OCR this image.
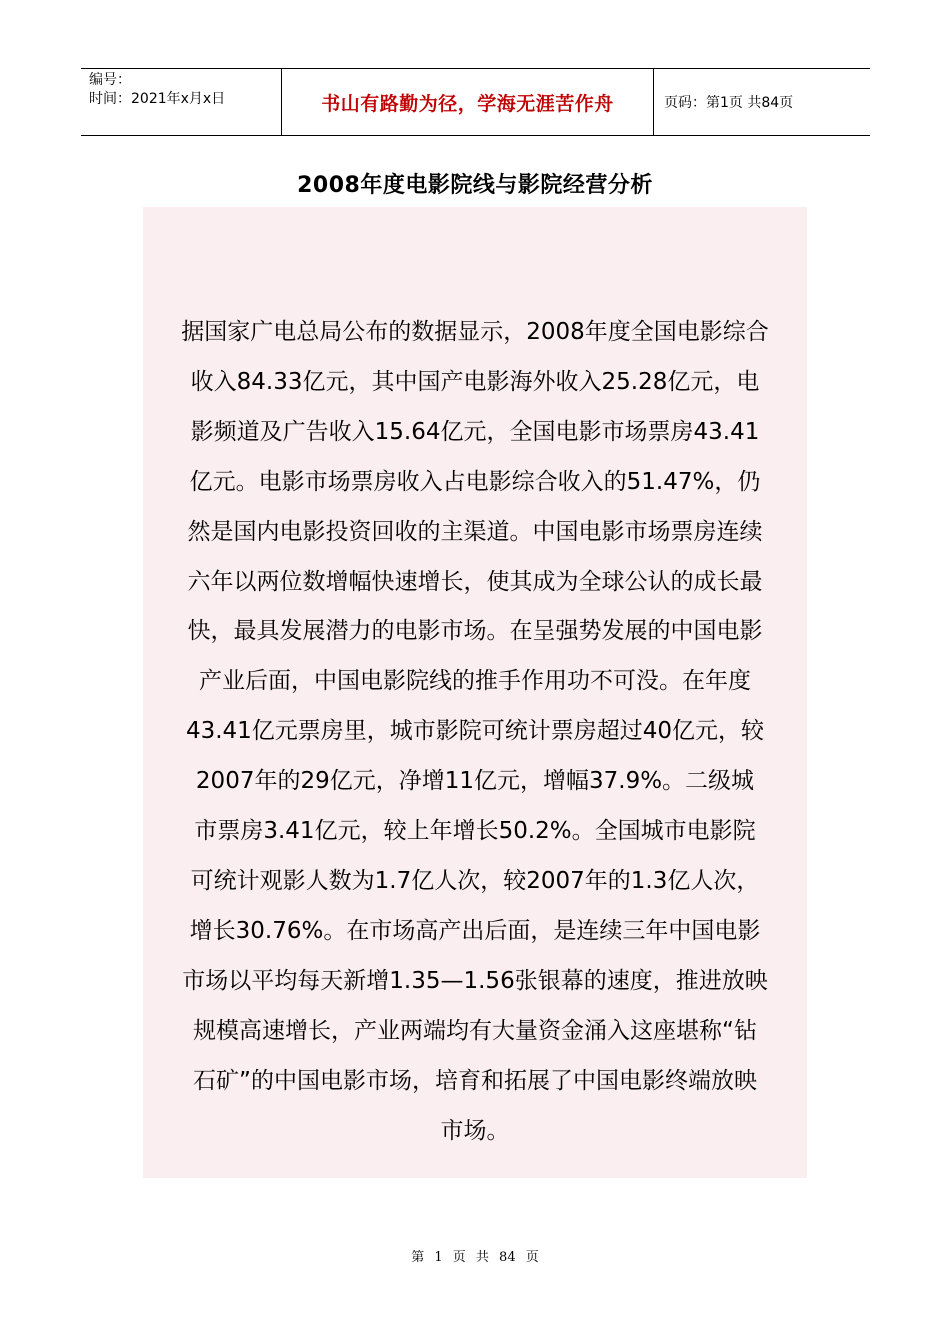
编号：
时间：2021年x月x日	书山有路勤为径，学海无涯苦作舟	页码：第1页 共84页
2008年度电影院线与影院经营分析

据国家广电总局公布的数据显示，2008年度全国电影综合
收入84.33亿元，其中国产电影海外收入25.28亿元，电
影频道及广告收入15.64亿元，全国电影市场票房43.41
亿元。电影市场票房收入占电影综合收入的51.47%，仍
然是国内电影投资回收的主渠道。中国电影市场票房连续
六年以两位数增幅快速增长，使其成为全球公认的成长最
快，最具发展潜力的电影市场。在呈强势发展的中国电影
产业后面，中国电影院线的推手作用功不可没。在年度
43.41亿元票房里，城市影院可统计票房超过40亿元，较
2007年的29亿元，净增11亿元，增幅37.9%。二级城
市票房3.41亿元，较上年增长50.2%。全国城市电影院
可统计观影人数为1.7亿人次，较2007年的1.3亿人次，
增长30.76%。在市场高产出后面，是连续三年中国电影
市场以平均每天新增1.35—1.56张银幕的速度，推进放映
规模高速增长，产业两端均有大量资金涌入这座堪称“钻
石矿”的中国电影市场，培育和拓展了中国电影终端放映
市场。

第 1 页 共 84 页
